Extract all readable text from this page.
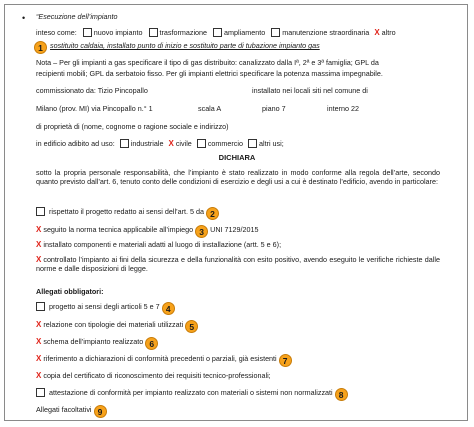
• “Esecuzione dell’impianto
inteso come: nuovo impianto trasformazione ampliamento manutenzione straordinaria X altro
1 sostituito caldaia, installato punto di inizio e sostituito parte di tubazione impianto gas
Nota – Per gli impianti a gas specificare il tipo di gas distribuito: canalizzato dalla Iª, 2ª e 3ª famiglia; GPL da
recipienti mobili; GPL da serbatoio fisso. Per gli impianti elettrici specificare la potenza massima impegnabile.
commissionato da: Tizio Pincopallo	installato nei locali siti nel comune di
Milano (prov. MI) via Pincopallo n.° 1	scala A	piano 7	interno 22
di proprietà di (nome, cognome o ragione sociale e indirizzo)
in edificio adibito ad uso: industriale X civile commercio altri usi;
DICHIARA
sotto la propria personale responsabilità, che l’impianto è stato realizzato in modo conforme alla regola dell’arte, secondo quanto previsto dall’art. 6, tenuto conto delle condizioni di esercizio e degli usi a cui è destinato l’edificio, avendo in particolare:
rispettato il progetto redatto ai sensi dell’art. 5 da 2
X seguito la norma tecnica applicabile all’impiego 3 UNI 7129/2015
X installato componenti e materiali adatti al luogo di installazione (artt. 5 e 6);
X controllato l’impianto ai fini della sicurezza e della funzionalità con esito positivo, avendo eseguito le verifiche richieste dalle norme e dalle disposizioni di legge.
Allegati obbligatori:
progetto ai sensi degli articoli 5 e 7 4
X relazione con tipologie dei materiali utilizzati 5
X schema dell’impianto realizzato 6
X riferimento a dichiarazioni di conformità precedenti o parziali, già esistenti 7
X copia del certificato di riconoscimento dei requisiti tecnico-professionali;
attestazione di conformità per impianto realizzato con materiali o sistemi non normalizzati 8
Allegati facoltativi 9
